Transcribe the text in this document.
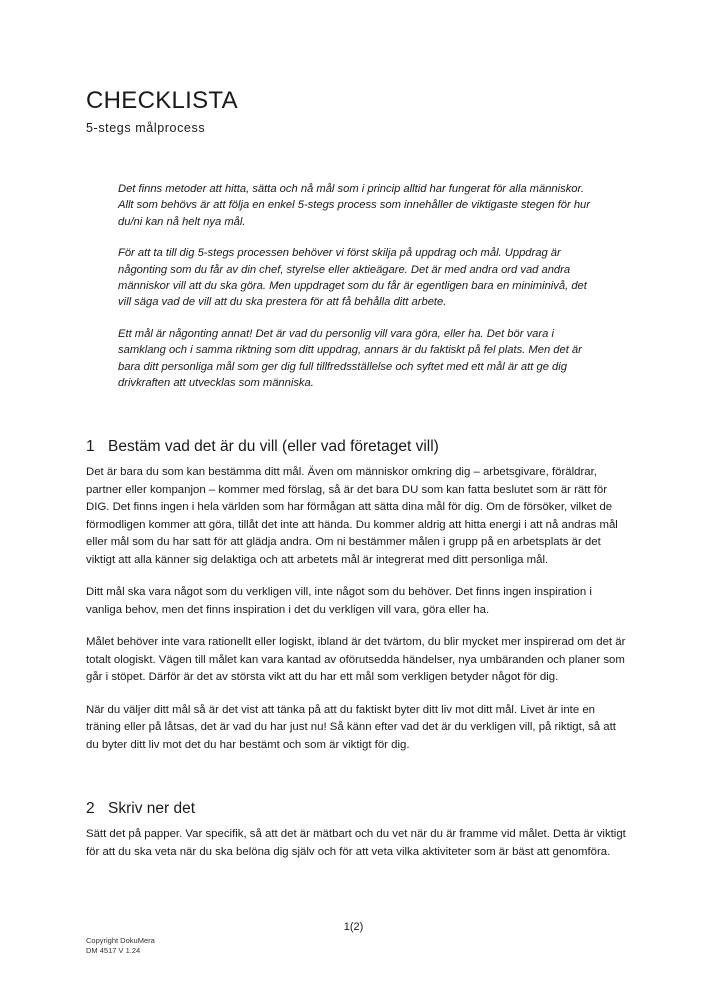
CHECKLISTA
5-stegs målprocess

Det finns metoder att hitta, sätta och nå mål som i princip alltid har fungerat för alla människor. Allt som behövs är att följa en enkel 5-stegs process som innehåller de viktigaste stegen för hur du/ni kan nå helt nya mål.

För att ta till dig 5-stegs processen behöver vi först skilja på uppdrag och mål. Uppdrag är någonting som du får av din chef, styrelse eller aktieägare. Det är med andra ord vad andra människor vill att du ska göra. Men uppdraget som du får är egentligen bara en miniminivå, det vill säga vad de vill att du ska prestera för att få behålla ditt arbete.

Ett mål är någonting annat! Det är vad du personlig vill vara göra, eller ha. Det bör vara i samklang och i samma riktning som ditt uppdrag, annars är du faktiskt på fel plats. Men det är bara ditt personliga mål som ger dig full tillfredsställelse och syftet med ett mål är att ge dig drivkraften att utvecklas som människa.

1 Bestäm vad det är du vill (eller vad företaget vill)

Det är bara du som kan bestämma ditt mål. Även om människor omkring dig – arbetsgivare, föräldrar, partner eller kompanjon – kommer med förslag, så är det bara DU som kan fatta beslutet som är rätt för DIG. Det finns ingen i hela världen som har förmågan att sätta dina mål för dig. Om de försöker, vilket de förmodligen kommer att göra, tillåt det inte att hända. Du kommer aldrig att hitta energi i att nå andras mål eller mål som du har satt för att glädja andra. Om ni bestämmer målen i grupp på en arbetsplats är det viktigt att alla känner sig delaktiga och att arbetets mål är integrerat med ditt personliga mål.

Ditt mål ska vara något som du verkligen vill, inte något som du behöver. Det finns ingen inspiration i vanliga behov, men det finns inspiration i det du verkligen vill vara, göra eller ha.

Målet behöver inte vara rationellt eller logiskt, ibland är det tvärtom, du blir mycket mer inspirerad om det är totalt ologiskt. Vägen till målet kan vara kantad av oförutsedda händelser, nya umbäranden och planer som går i stöpet. Därför är det av största vikt att du har ett mål som verkligen betyder något för dig.

När du väljer ditt mål så är det vist att tänka på att du faktiskt byter ditt liv mot ditt mål. Livet är inte en träning eller på låtsas, det är vad du har just nu! Så känn efter vad det är du verkligen vill, på riktigt, så att du byter ditt liv mot det du har bestämt och som är viktigt för dig.

2 Skriv ner det

Sätt det på papper. Var specifik, så att det är mätbart och du vet när du är framme vid målet. Detta är viktigt för att du ska veta när du ska belöna dig själv och för att veta vilka aktiviteter som är bäst att genomföra.

1(2)
Copyright DokuMera
DM 4517 V 1.24
